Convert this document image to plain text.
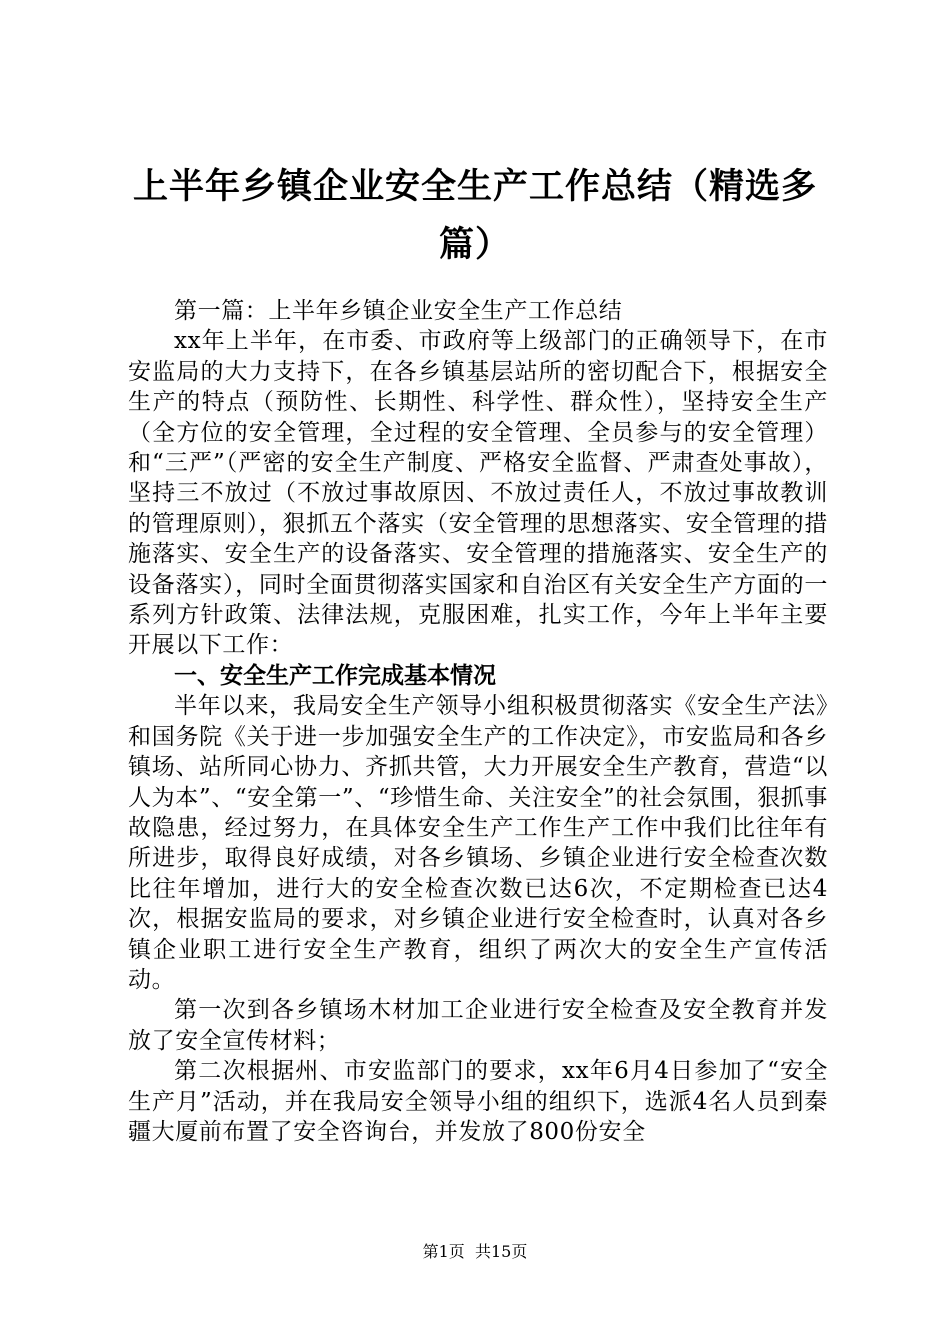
上半年乡镇企业安全生产工作总结（精选多篇）

第一篇：上半年乡镇企业安全生产工作总结

xx年上半年，在市委、市政府等上级部门的正确领导下，在市安监局的大力支持下，在各乡镇基层站所的密切配合下，根据安全生产的特点（预防性、长期性、科学性、群众性），坚持安全生产（全方位的安全管理，全过程的安全管理、全员参与的安全管理）和“三严”（严密的安全生产制度、严格安全监督、严肃查处事故），坚持三不放过（不放过事故原因、不放过责任人，不放过事故教训的管理原则），狠抓五个落实（安全管理的思想落实、安全管理的措施落实、安全生产的设备落实、安全管理的措施落实、安全生产的设备落实），同时全面贯彻落实国家和自治区有关安全生产方面的一系列方针政策、法律法规，克服困难，扎实工作，今年上半年主要开展以下工作：

一、安全生产工作完成基本情况

半年以来，我局安全生产领导小组积极贯彻落实《安全生产法》和国务院《关于进一步加强安全生产的工作决定》，市安监局和各乡镇场、站所同心协力、齐抓共管，大力开展安全生产教育，营造“以人为本”、“安全第一”、“珍惜生命、关注安全”的社会氛围，狠抓事故隐患，经过努力，在具体安全生产工作生产工作中我们比往年有所进步，取得良好成绩，对各乡镇场、乡镇企业进行安全检查次数比往年增加，进行大的安全检查次数已达6次，不定期检查已达4次，根据安监局的要求，对乡镇企业进行安全检查时，认真对各乡镇企业职工进行安全生产教育，组织了两次大的安全生产宣传活动。

第一次到各乡镇场木材加工企业进行安全检查及安全教育并发放了安全宣传材料；

第二次根据州、市安监部门的要求，xx年6月4日参加了“安全生产月”活动，并在我局安全领导小组的组织下，选派4名人员到秦疆大厦前布置了安全咨询台，并发放了800份安全

第1页 共15页
